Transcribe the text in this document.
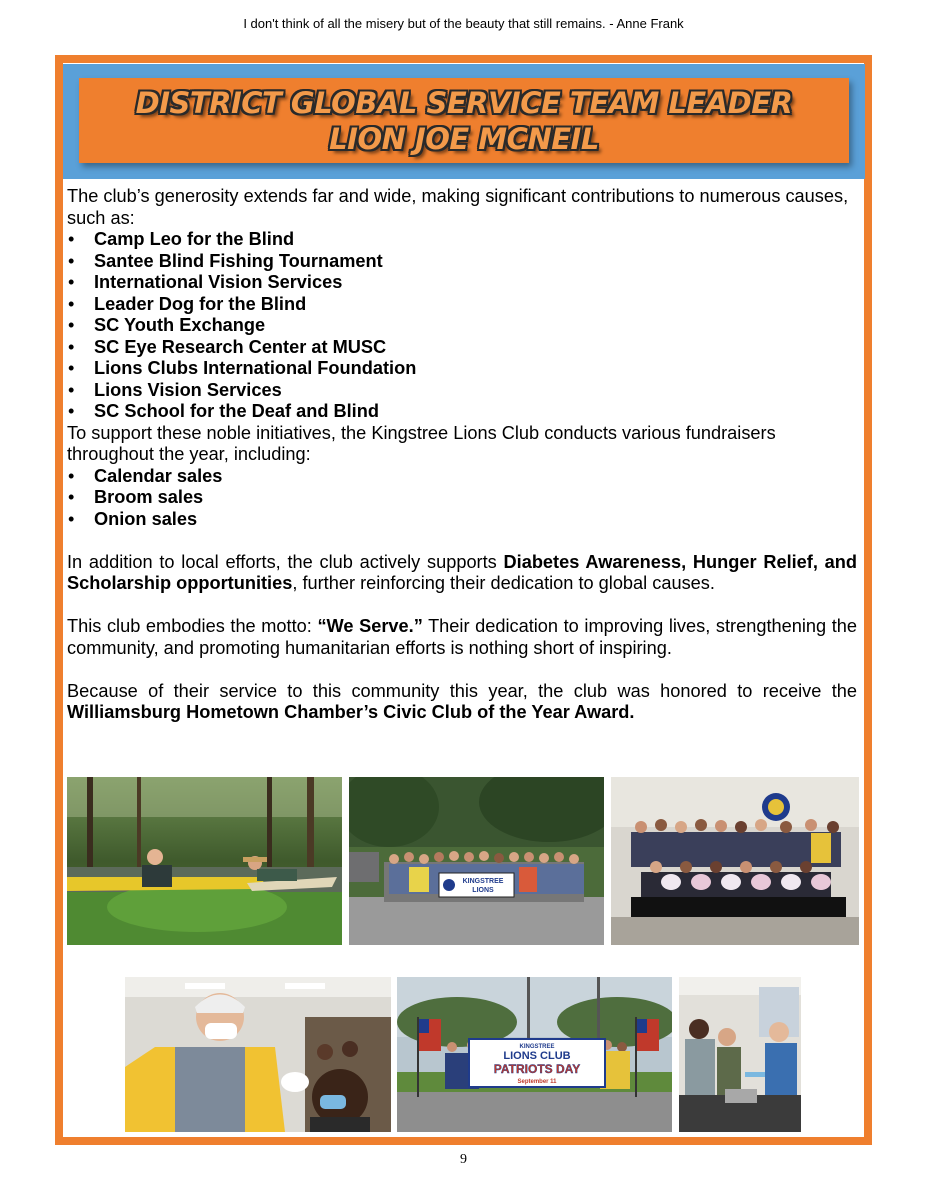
I don't think of all the misery but of the beauty that still remains. - Anne Frank
DISTRICT GLOBAL SERVICE TEAM LEADER
LION JOE MCNEIL

The club’s generosity extends far and wide, making significant contributions to numerous causes, such as:

• Camp Leo for the Blind
• Santee Blind Fishing Tournament
• International Vision Services
• Leader Dog for the Blind
• SC Youth Exchange
• SC Eye Research Center at MUSC
• Lions Clubs International Foundation
• Lions Vision Services
• SC School for the Deaf and Blind

To support these noble initiatives, the Kingstree Lions Club conducts various fundraisers throughout the year, including:

• Calendar sales
• Broom sales
• Onion sales

In addition to local efforts, the club actively supports Diabetes Awareness, Hunger Relief, and Scholarship opportunities, further reinforcing their dedication to global causes.

This club embodies the motto: “We Serve.” Their dedication to improving lives, strengthening the community, and promoting humanitarian efforts is nothing short of inspiring.

Because of their service to this community this year, the club was honored to receive the Williamsburg Hometown Chamber’s Civic Club of the Year Award.

KINGSTREE
LIONS
KINGSTREE
LIONS CLUB
PATRIOTS DAY
September 11
9
